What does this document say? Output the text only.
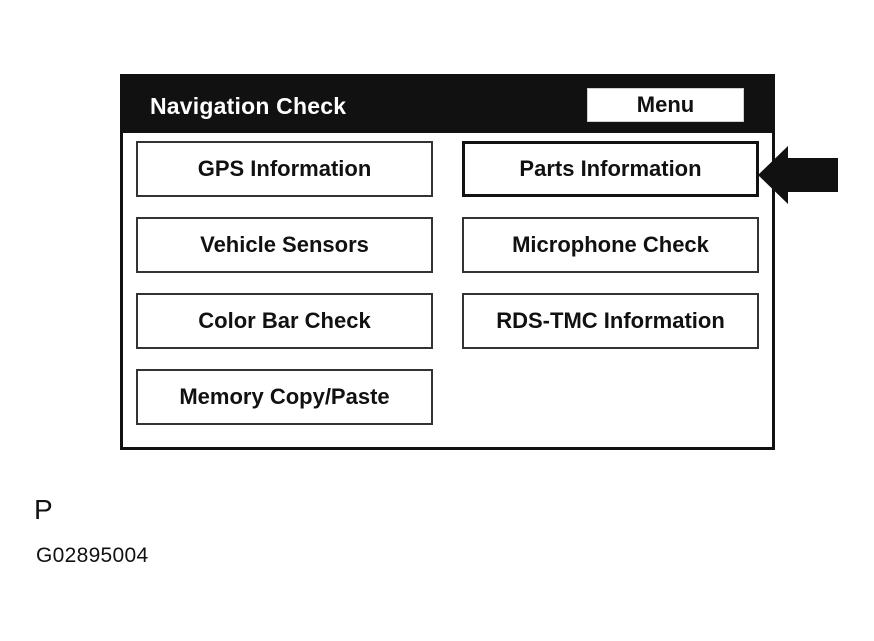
Navigation Check	Menu
GPS Information	Parts Information
Vehicle Sensors	Microphone Check
Color Bar Check	RDS-TMC Information
Memory Copy/Paste
P
G02895004
